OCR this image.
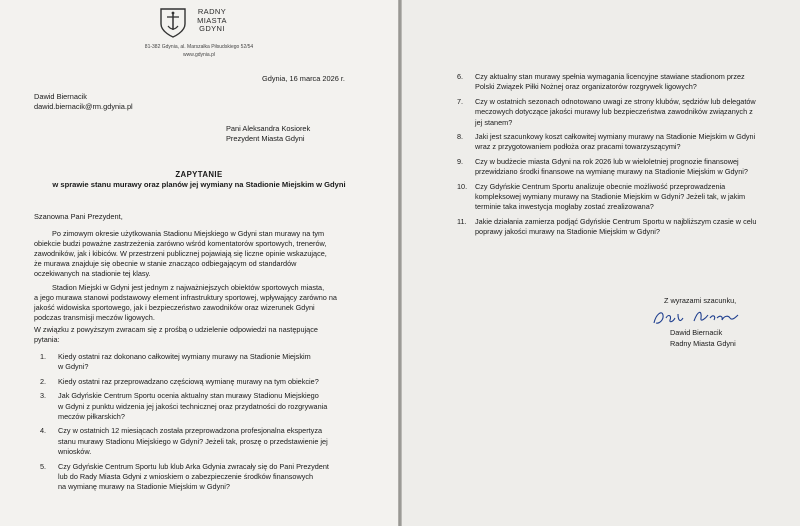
RADNY
MIASTA
GDYNI
81-382 Gdynia, al. Marszałka Piłsudskiego 52/54
www.gdynia.pl
Gdynia, 16 marca 2026 r.
Dawid Biernacik
dawid.biernacik@rm.gdynia.pl
Pani Aleksandra Kosiorek
Prezydent Miasta Gdyni
ZAPYTANIE
w sprawie stanu murawy oraz planów jej wymiany na Stadionie Miejskim w Gdyni
Szanowna Pani Prezydent,
Po zimowym okresie użytkowania Stadionu Miejskiego w Gdyni stan murawy na tym
obiekcie budzi poważne zastrzeżenia zarówno wśród komentatorów sportowych, trenerów,
zawodników, jak i kibiców. W przestrzeni publicznej pojawiają się liczne opinie wskazujące,
że murawa znajduje się obecnie w stanie znacząco odbiegającym od standardów
oczekiwanych na stadionie tej klasy.
Stadion Miejski w Gdyni jest jednym z najważniejszych obiektów sportowych miasta,
a jego murawa stanowi podstawowy element infrastruktury sportowej, wpływający zarówno na
jakość widowiska sportowego, jak i bezpieczeństwo zawodników oraz wizerunek Gdyni
podczas transmisji meczów ligowych.
W związku z powyższym zwracam się z prośbą o udzielenie odpowiedzi na następujące
pytania:
1. Kiedy ostatni raz dokonano całkowitej wymiany murawy na Stadionie Miejskim
w Gdyni?
2. Kiedy ostatni raz przeprowadzano częściową wymianę murawy na tym obiekcie?
3. Jak Gdyńskie Centrum Sportu ocenia aktualny stan murawy Stadionu Miejskiego
w Gdyni z punktu widzenia jej jakości technicznej oraz przydatności do rozgrywania
meczów piłkarskich?
4. Czy w ostatnich 12 miesiącach została przeprowadzona profesjonalna ekspertyza
stanu murawy Stadionu Miejskiego w Gdyni? Jeżeli tak, proszę o przedstawienie jej
wniosków.
5. Czy Gdyńskie Centrum Sportu lub klub Arka Gdynia zwracały się do Pani Prezydent
lub do Rady Miasta Gdyni z wnioskiem o zabezpieczenie środków finansowych
na wymianę murawy na Stadionie Miejskim w Gdyni?
6. Czy aktualny stan murawy spełnia wymagania licencyjne stawiane stadionom przez
Polski Związek Piłki Nożnej oraz organizatorów rozgrywek ligowych?
7. Czy w ostatnich sezonach odnotowano uwagi ze strony klubów, sędziów lub delegatów
meczowych dotyczące jakości murawy lub bezpieczeństwa zawodników związanych z
jej stanem?
8. Jaki jest szacunkowy koszt całkowitej wymiany murawy na Stadionie Miejskim w Gdyni
wraz z przygotowaniem podłoża oraz pracami towarzyszącymi?
9. Czy w budżecie miasta Gdyni na rok 2026 lub w wieloletniej prognozie finansowej
przewidziano środki finansowe na wymianę murawy na Stadionie Miejskim w Gdyni?
10. Czy Gdyńskie Centrum Sportu analizuje obecnie możliwość przeprowadzenia
kompleksowej wymiany murawy na Stadionie Miejskim w Gdyni? Jeżeli tak, w jakim
terminie taka inwestycja mogłaby zostać zrealizowana?
11. Jakie działania zamierza podjąć Gdyńskie Centrum Sportu w najbliższym czasie w celu
poprawy jakości murawy na Stadionie Miejskim w Gdyni?
Z wyrazami szacunku,
Dawid Biernacik
Radny Miasta Gdyni
